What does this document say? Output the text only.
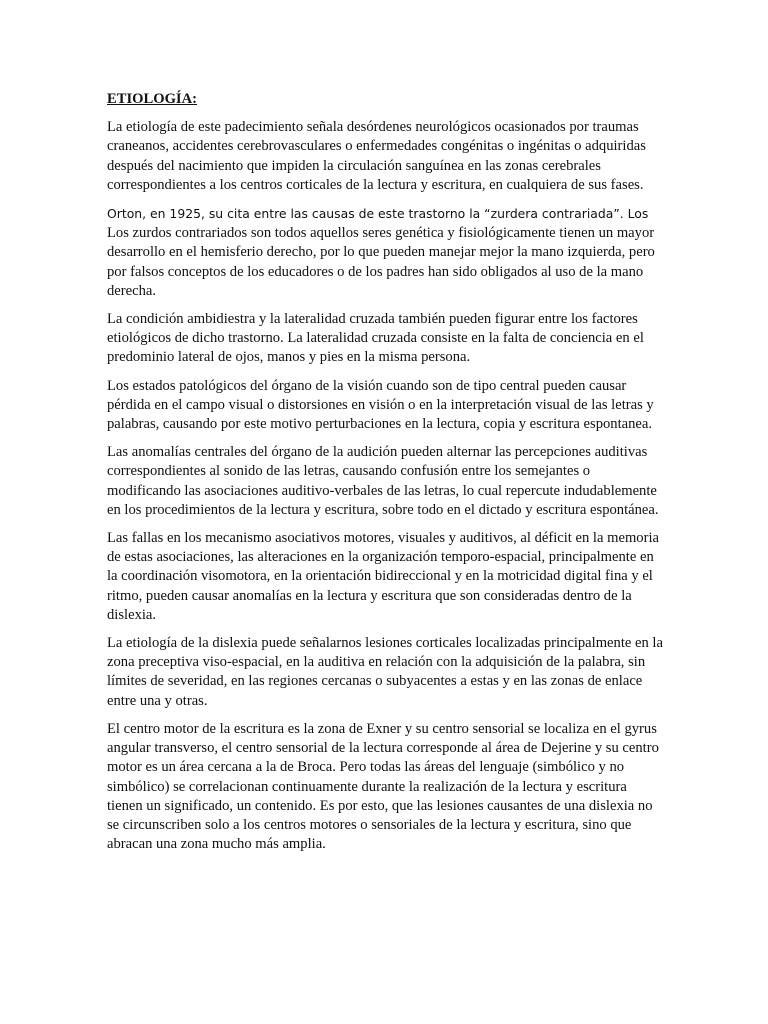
ETIOLOGÍA:

La etiología de este padecimiento señala desórdenes neurológicos ocasionados por traumas craneanos, accidentes cerebrovasculares o enfermedades congénitas o ingénitas o adquiridas después del nacimiento que impiden la circulación sanguínea en las zonas cerebrales correspondientes a los centros corticales de la lectura y escritura, en cualquiera de sus fases.

Orton, en 1925, su cita entre las causas de este trastorno la “zurdera contrariada”. Los Los zurdos contrariados son todos aquellos seres genética y fisiológicamente tienen un mayor desarrollo en el hemisferio derecho, por lo que pueden manejar mejor la mano izquierda, pero por falsos conceptos de los educadores o de los padres han sido obligados al uso de la mano derecha.

La condición ambidiestra y la lateralidad cruzada también pueden figurar entre los factores etiológicos de dicho trastorno. La lateralidad cruzada consiste en la falta de conciencia en el predominio lateral de ojos, manos y pies en la misma persona.

Los estados patológicos del órgano de la visión cuando son de tipo central pueden causar pérdida en el campo visual o distorsiones en visión o en la interpretación visual de las letras y palabras, causando por este motivo perturbaciones en la lectura, copia y escritura espontanea.

Las anomalías centrales del órgano de la audición pueden alternar las percepciones auditivas correspondientes al sonido de las letras, causando confusión entre los semejantes o modificando las asociaciones auditivo-verbales de las letras, lo cual repercute indudablemente en los procedimientos de la lectura y escritura, sobre todo en el dictado y escritura espontánea.

Las fallas en los mecanismo asociativos motores, visuales y auditivos, al déficit en la memoria de estas asociaciones, las alteraciones en la organización temporo-espacial, principalmente en la coordinación visomotora, en la orientación bidireccional y en la motricidad digital fina y el ritmo, pueden causar anomalías en la lectura y escritura que son consideradas dentro de la dislexia.

La etiología de la dislexia puede señalarnos lesiones corticales localizadas principalmente en la zona preceptiva viso-espacial, en la auditiva en relación con la adquisición de la palabra, sin límites de severidad, en las regiones cercanas o subyacentes a estas y en las zonas de enlace entre una y otras.

El centro motor de la escritura es la zona de Exner y su centro sensorial se localiza en el gyrus angular transverso, el centro sensorial de la lectura corresponde al área de Dejerine y su centro motor es un área cercana a la de Broca. Pero todas las áreas del lenguaje (simbólico y no simbólico) se correlacionan continuamente durante la realización de la lectura y escritura tienen un significado, un contenido. Es por esto, que las lesiones causantes de una dislexia no se circunscriben solo a los centros motores o sensoriales de la lectura y escritura, sino que abracan una zona mucho más amplia.
